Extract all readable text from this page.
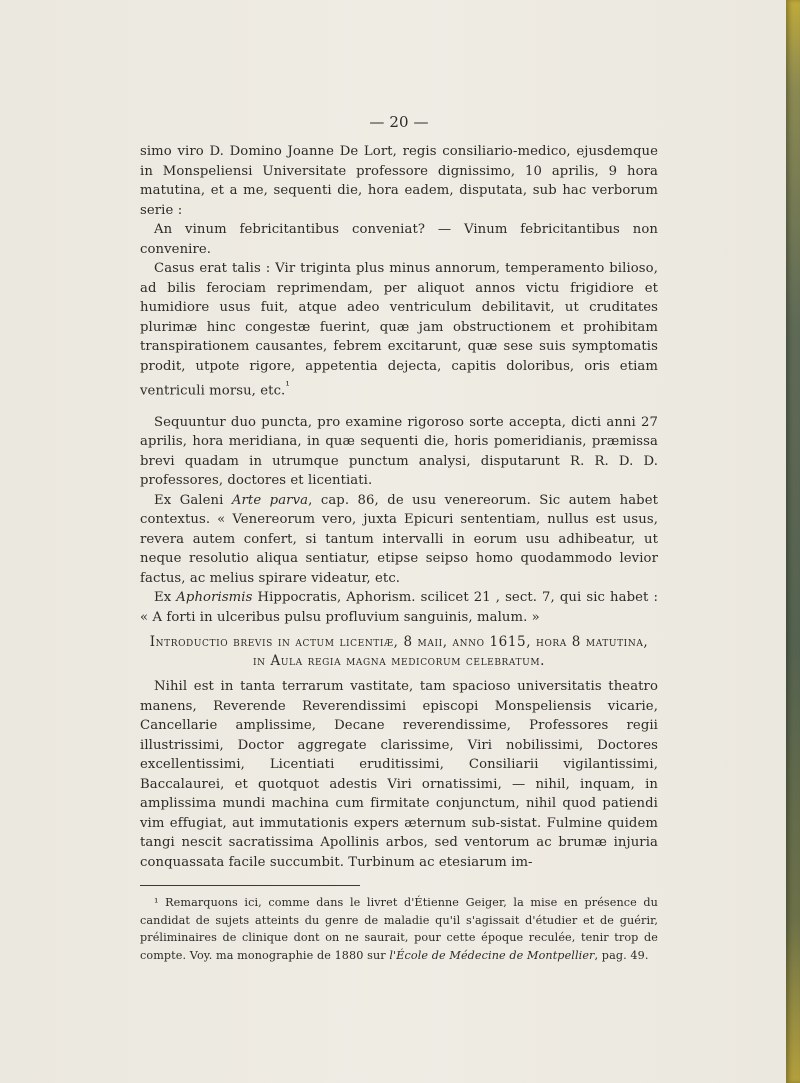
— 20 —

simo viro D. Domino Joanne De Lort, regis consiliario-medico, ejusdemque in Monspeliensi Universitate professore dignissimo, 10 aprilis, 9 hora matutina, et a me, sequenti die, hora eadem, disputata, sub hac verborum serie :

An vinum febricitantibus conveniat? — Vinum febricitantibus non convenire.

Casus erat talis : Vir triginta plus minus annorum, temperamento bilioso, ad bilis ferociam reprimendam, per aliquot annos victu frigidiore et humidiore usus fuit, atque adeo ventriculum debilitavit, ut cruditates plurimæ hinc congestæ fuerint, quæ jam obstructionem et prohibitam transpirationem causantes, febrem excitarunt, quæ sese suis symptomatis prodit, utpote rigore, appetentia dejecta, capitis doloribus, oris etiam ventriculi morsu, etc.$^{^1}$

Sequuntur duo puncta, pro examine rigoroso sorte accepta, dicti anni 27 aprilis, hora meridiana, in quæ sequenti die, horis pomeridianis, præmissa brevi quadam in utrumque punctum analysi, disputarunt R. R. D. D. professores, doctores et licentiati.

Ex Galeni Arte parva, cap. 86, de usu venereorum. Sic autem habet contextus. « Venereorum vero, juxta Epicuri sententiam, nullus est usus, revera autem confert, si tantum intervalli in eorum usu adhibeatur, ut neque resolutio aliqua sentiatur, etipse seipso homo quodammodo levior factus, ac melius spirare videatur, etc.

Ex Aphorismis Hippocratis, Aphorism. scilicet 21 , sect. 7, qui sic habet : « A forti in ulceribus pulsu profluvium sanguinis, malum. »

Introductio brevis in actum licentiæ, 8 maii, anno 1615, hora 8 matutina,
in Aula regia magna medicorum celebratum.

Nihil est in tanta terrarum vastitate, tam spacioso universitatis theatro manens, Reverende Reverendissimi episcopi Monspeliensis vicarie, Cancellarie amplissime, Decane reverendissime, Professores regii illustrissimi, Doctor aggregate clarissime, Viri nobilissimi, Doctores excellentissimi, Licentiati eruditissimi, Consiliarii vigilantissimi, Baccalaurei, et quotquot adestis Viri ornatissimi, — nihil, inquam, in amplissima mundi machina cum firmitate conjunctum, nihil quod patiendi vim effugiat, aut immutationis expers æternum sub-sistat. Fulmine quidem tangi nescit sacratissima Apollinis arbos, sed ventorum ac brumæ injuria conquassata facile succumbit. Turbinum ac etesiarum im-

¹ Remarquons ici, comme dans le livret d'Étienne Geiger, la mise en présence du candidat de sujets atteints du genre de maladie qu'il s'agissait d'étudier et de guérir, préliminaires de clinique dont on ne saurait, pour cette époque reculée, tenir trop de compte. Voy. ma monographie de 1880 sur l'École de Médecine de Montpellier, pag. 49.
